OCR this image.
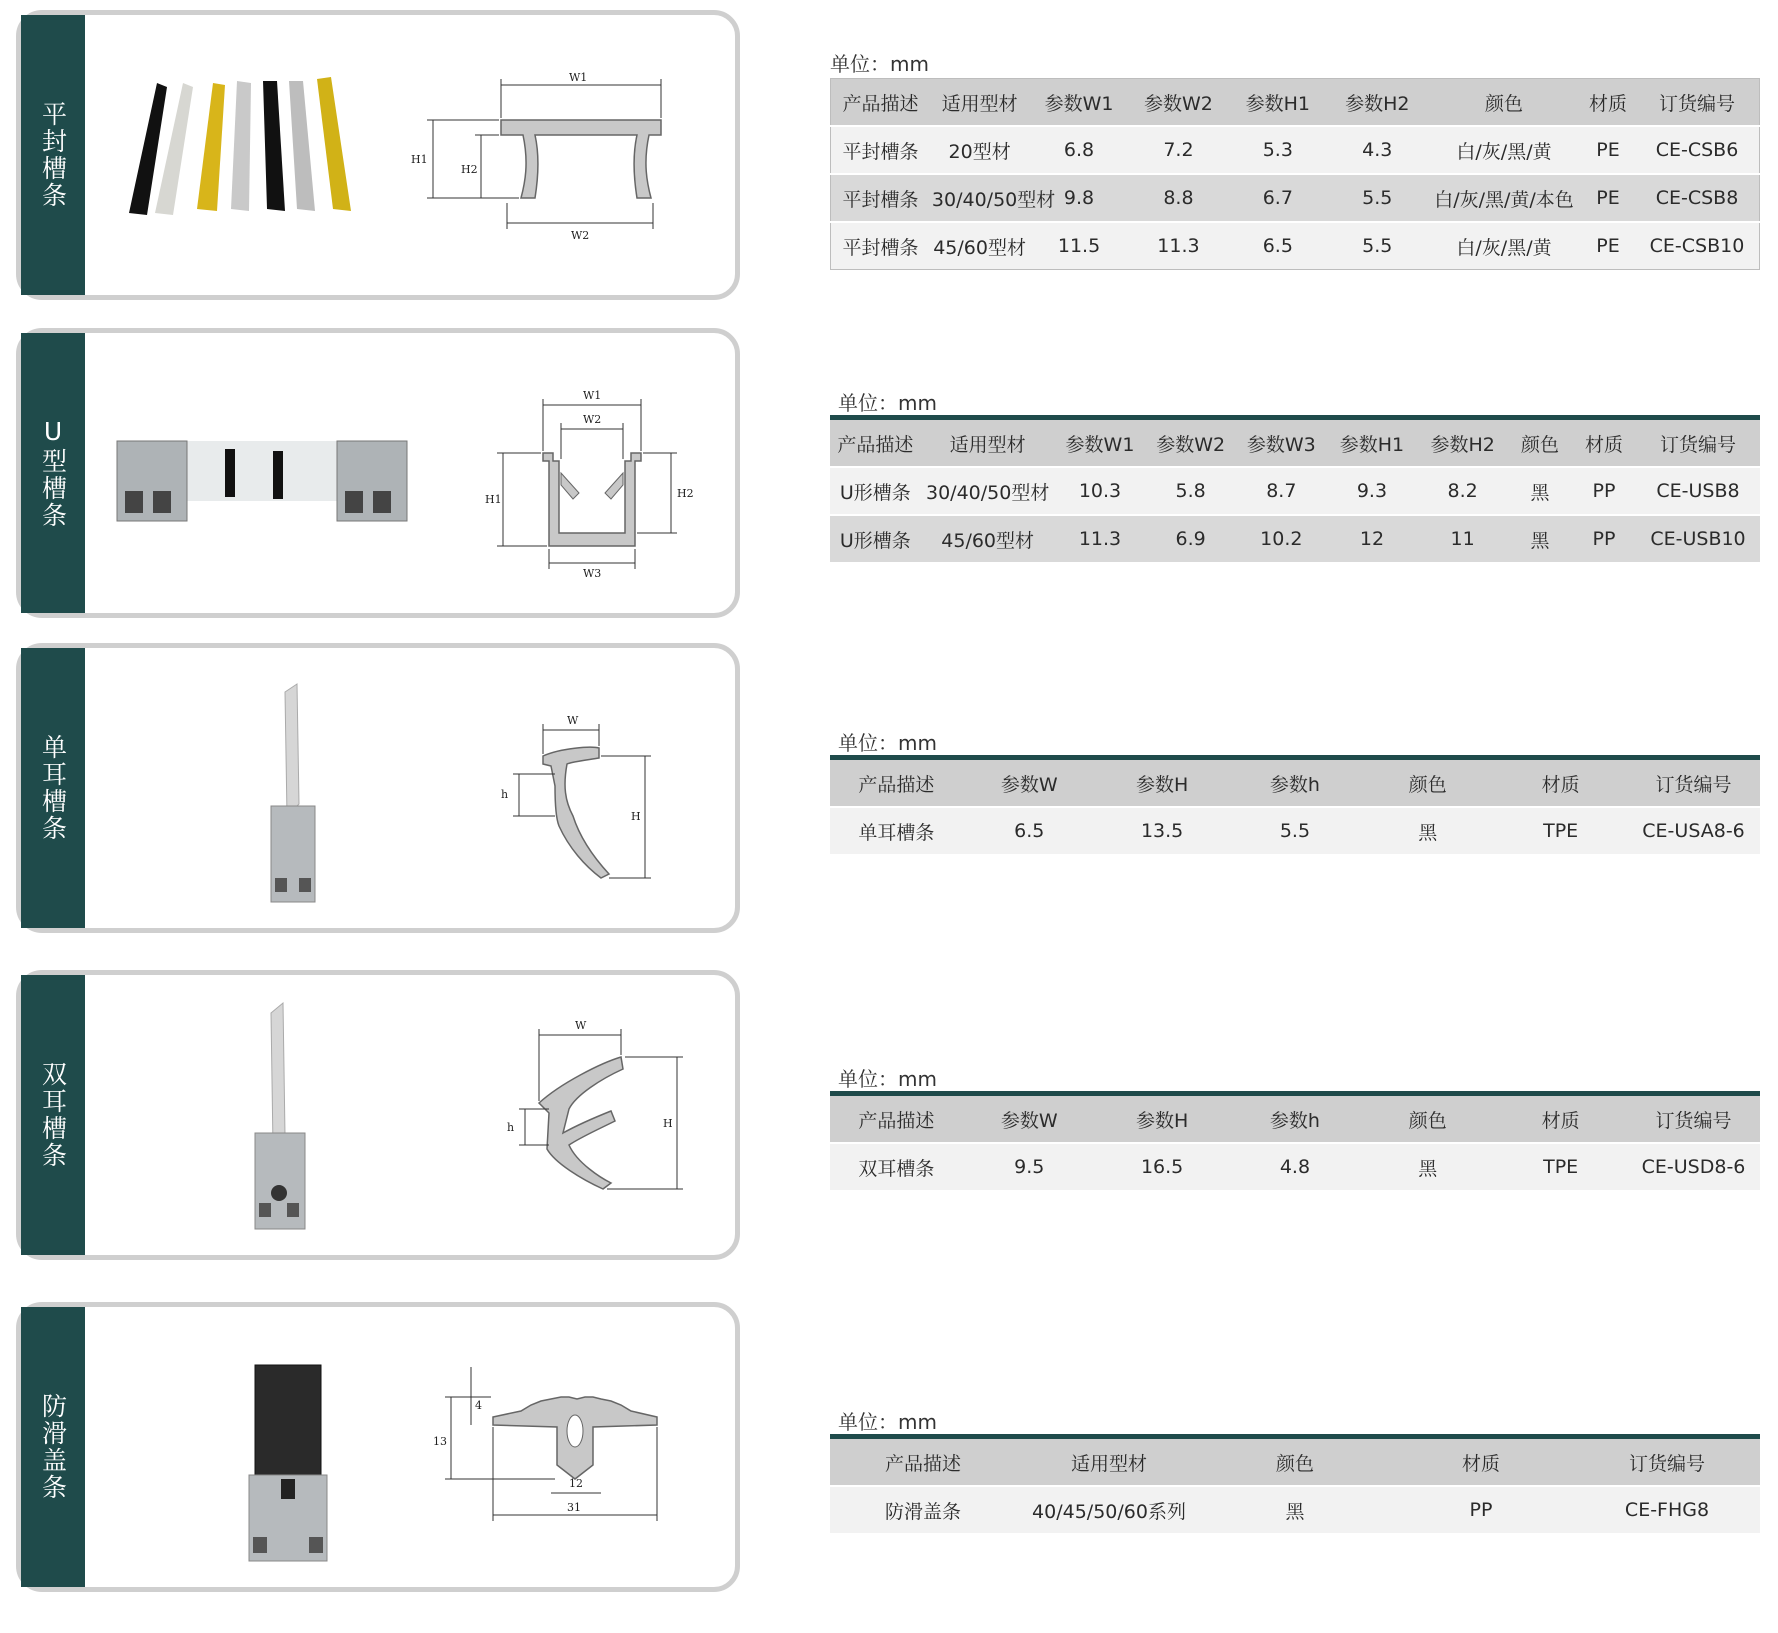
平封槽条
W1
W2
H1
H2
单位：mm
产品描述	适用型材	参数W1	参数W2	参数H1	参数H2	颜色	材质	订货编号
平封槽条	20型材	6.8	7.2	5.3	4.3	白/灰/黑/黄	PE	CE-CSB6
平封槽条	30/40/50型材	9.8	8.8	6.7	5.5	白/灰/黑/黄/本色	PE	CE-CSB8
平封槽条	45/60型材	11.5	11.3	6.5	5.5	白/灰/黑/黄	PE	CE-CSB10
U型槽条
W1
W2
W3
H1	H2
单位：mm
产品描述	适用型材	参数W1	参数W2	参数W3	参数H1	参数H2	颜色	材质	订货编号
U形槽条	30/40/50型材	10.3	5.8	8.7	9.3	8.2	黑	PP	CE-USB8
U形槽条	45/60型材	11.3	6.9	10.2	12	11	黑	PP	CE-USB10
单耳槽条
W
h
H
单位：mm
产品描述	参数W	参数H	参数h	颜色	材质	订货编号
单耳槽条	6.5	13.5	5.5	黑	TPE	CE-USA8-6
双耳槽条
W
h	H
单位：mm
产品描述	参数W	参数H	参数h	颜色	材质	订货编号
双耳槽条	9.5	16.5	4.8	黑	TPE	CE-USD8-6
防滑盖条	4
13
12
31
单位：mm
产品描述	适用型材	颜色	材质	订货编号
防滑盖条	40/45/50/60系列	黑	PP	CE-FHG8
